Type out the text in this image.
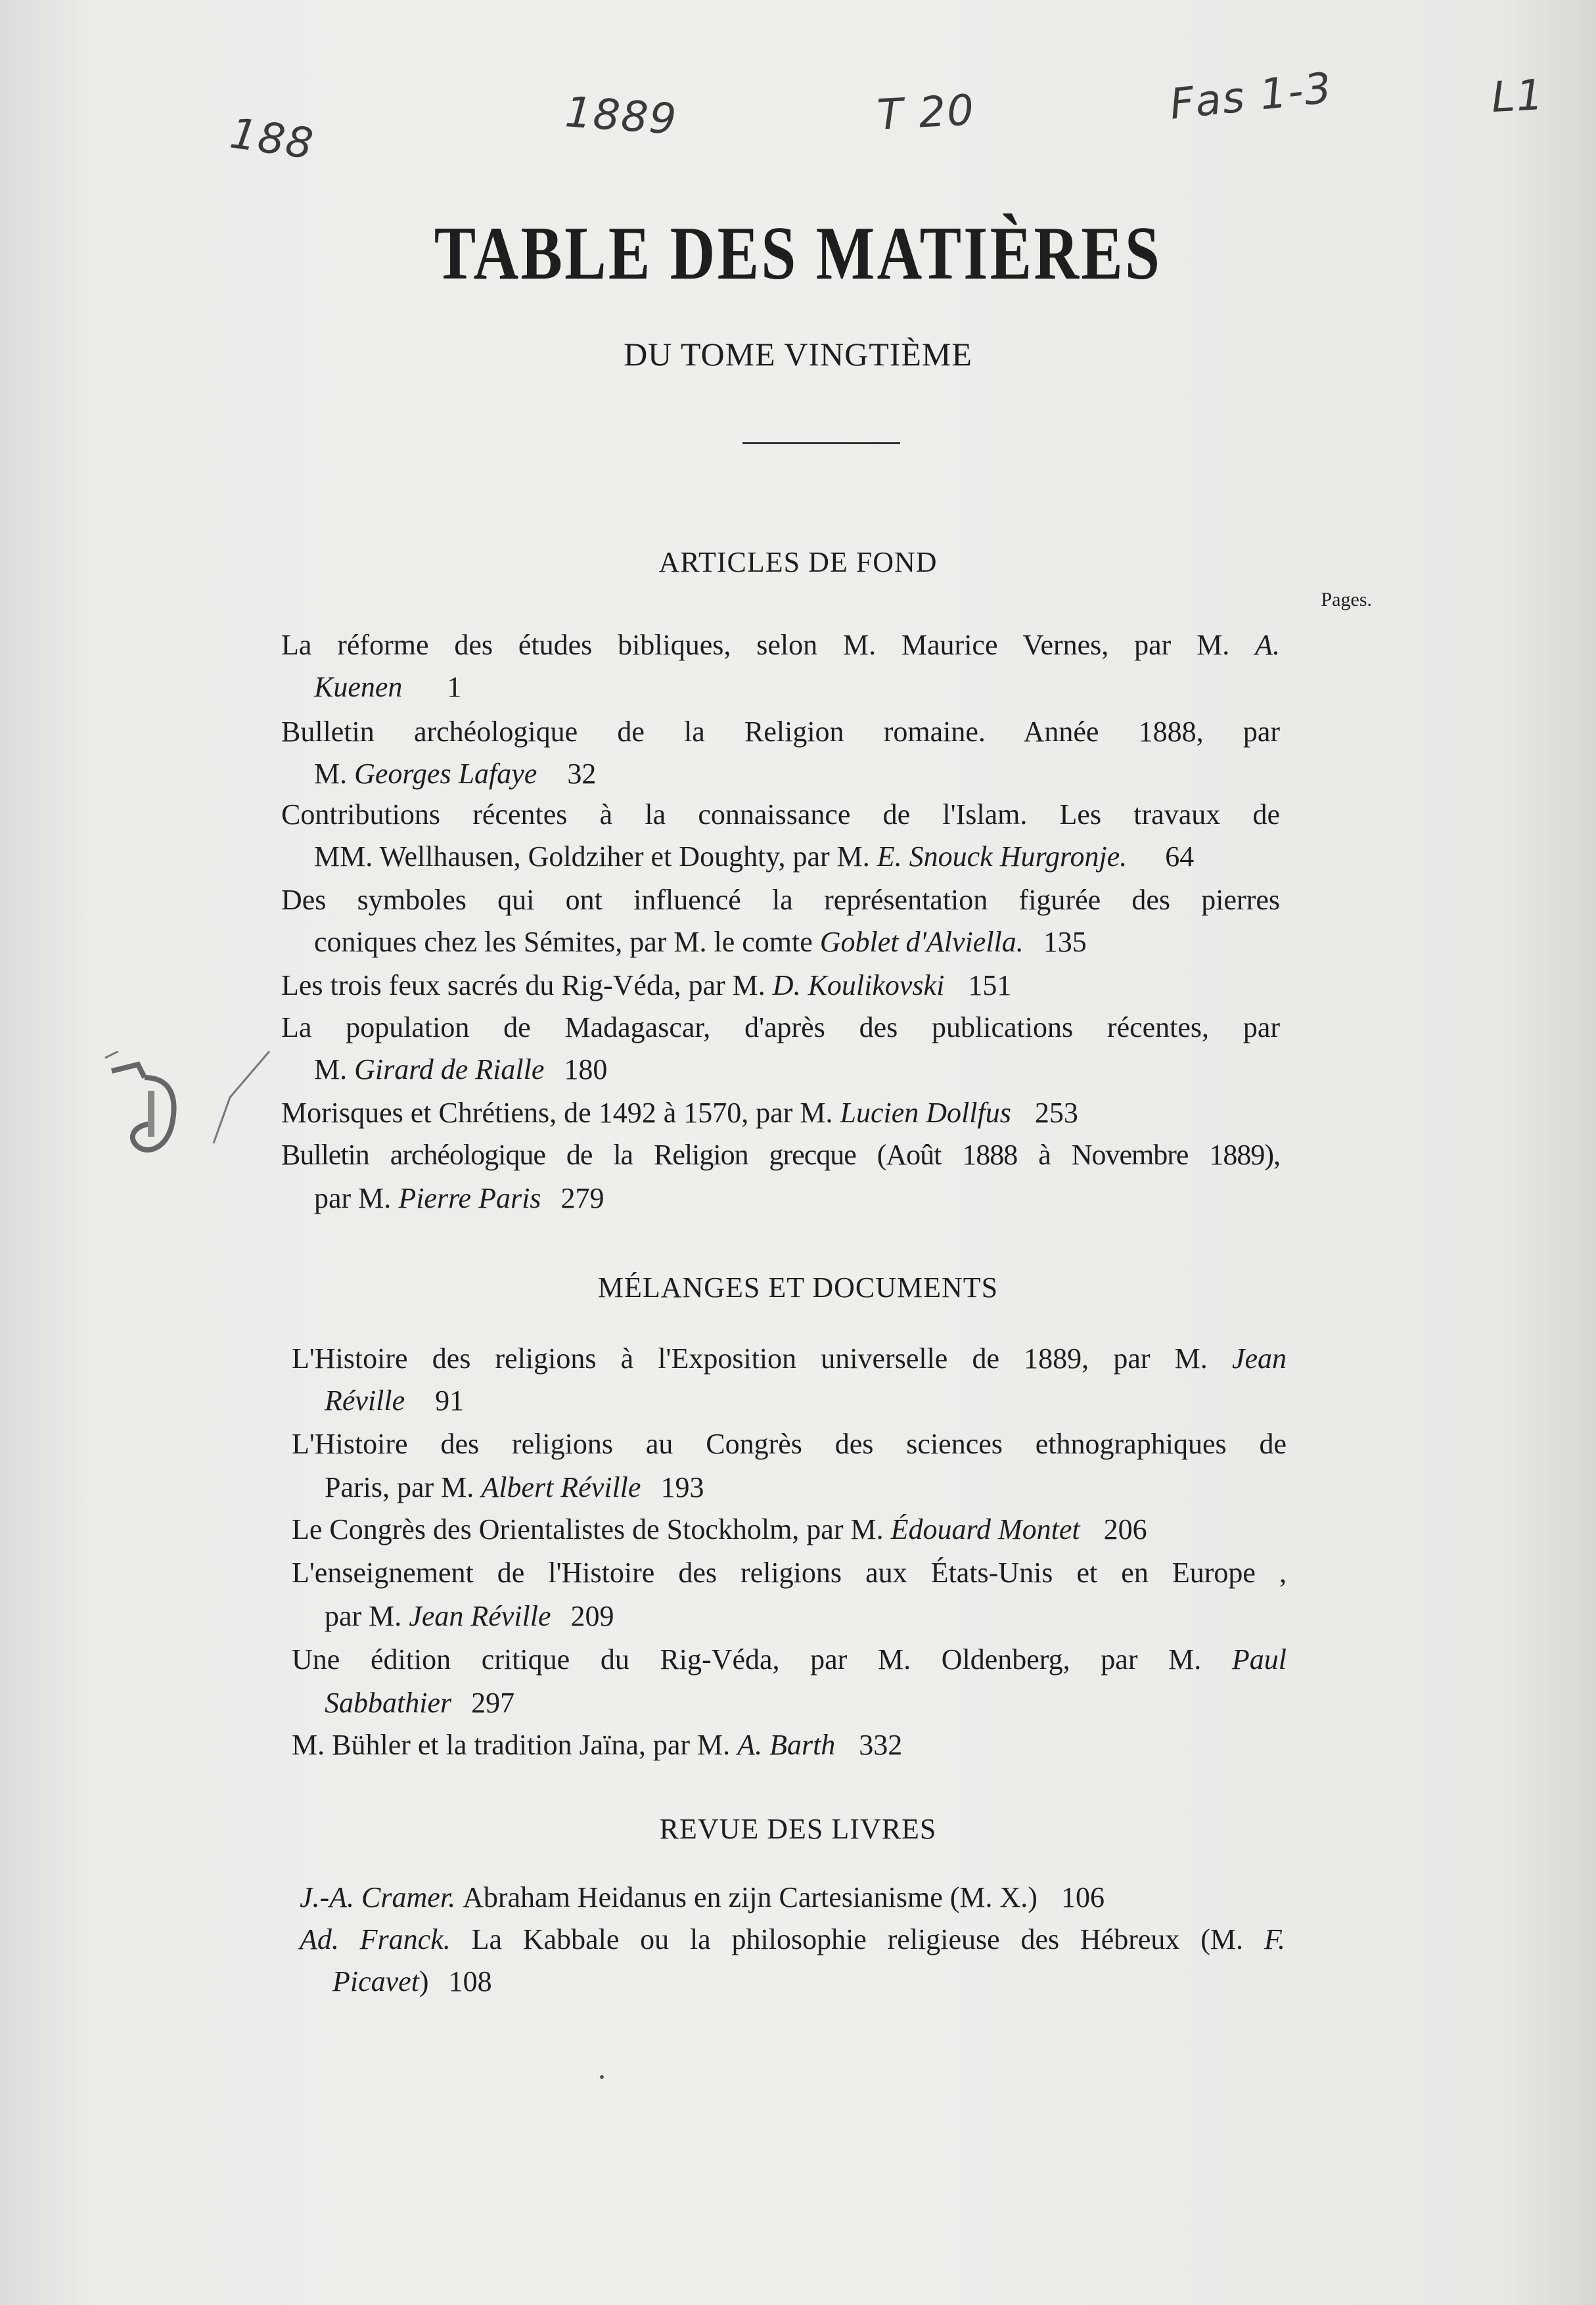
188	1889	T 20	Fas 1-3	L1
TABLE DES MATIÈRES
DU TOME VINGTIÈME
ARTICLES DE FOND
Pages.
La réforme des études bibliques, selon M. Maurice Vernes, par M. A.
Kuenen	1
Bulletin archéologique de la Religion romaine. Année 1888, par
M.
Georges Lafaye	32
Contributions récentes à la connaissance de l'Islam. Les travaux de
MM. Wellhausen, Goldziher et Doughty, par M.
E. Snouck Hurgronje.	64
Des symboles qui ont influencé la représentation figurée des pierres
coniques chez les Sémites, par M. le comte
Goblet d'Alviella. 135
Les trois feux sacrés du Rig-Véda, par M.
D. Koulikovski 151
La population de Madagascar, d'après des publications récentes, par
M.
Girard de Rialle 180
Morisques et Chrétiens, de 1492 à 1570, par M.
Lucien Dollfus 253
Bulletin archéologique de la Religion grecque (Août 1888 à Novembre 1889),
par M.
Pierre Paris 279
MÉLANGES ET DOCUMENTS
L'Histoire des religions à l'Exposition universelle de 1889, par M. Jean
Réville	91
L'Histoire des religions au Congrès des sciences ethnographiques de
Paris, par M.
Albert Réville 193
Le Congrès des Orientalistes de Stockholm, par M.
Édouard Montet 206
L'enseignement de l'Histoire des religions aux États-Unis et en Europe ,
par M.
Jean Réville 209
Une édition critique du Rig-Véda, par M. Oldenberg, par M. Paul
Sabbathier 297
M. Bühler et la tradition Jaïna, par M.
A. Barth 332
REVUE DES LIVRES
J.-A. Cramer.
Abraham Heidanus en zijn Cartesianisme (M. X.) 106
Ad. Franck. La Kabbale ou la philosophie religieuse des Hébreux (M. F.
Picavet ) 108
